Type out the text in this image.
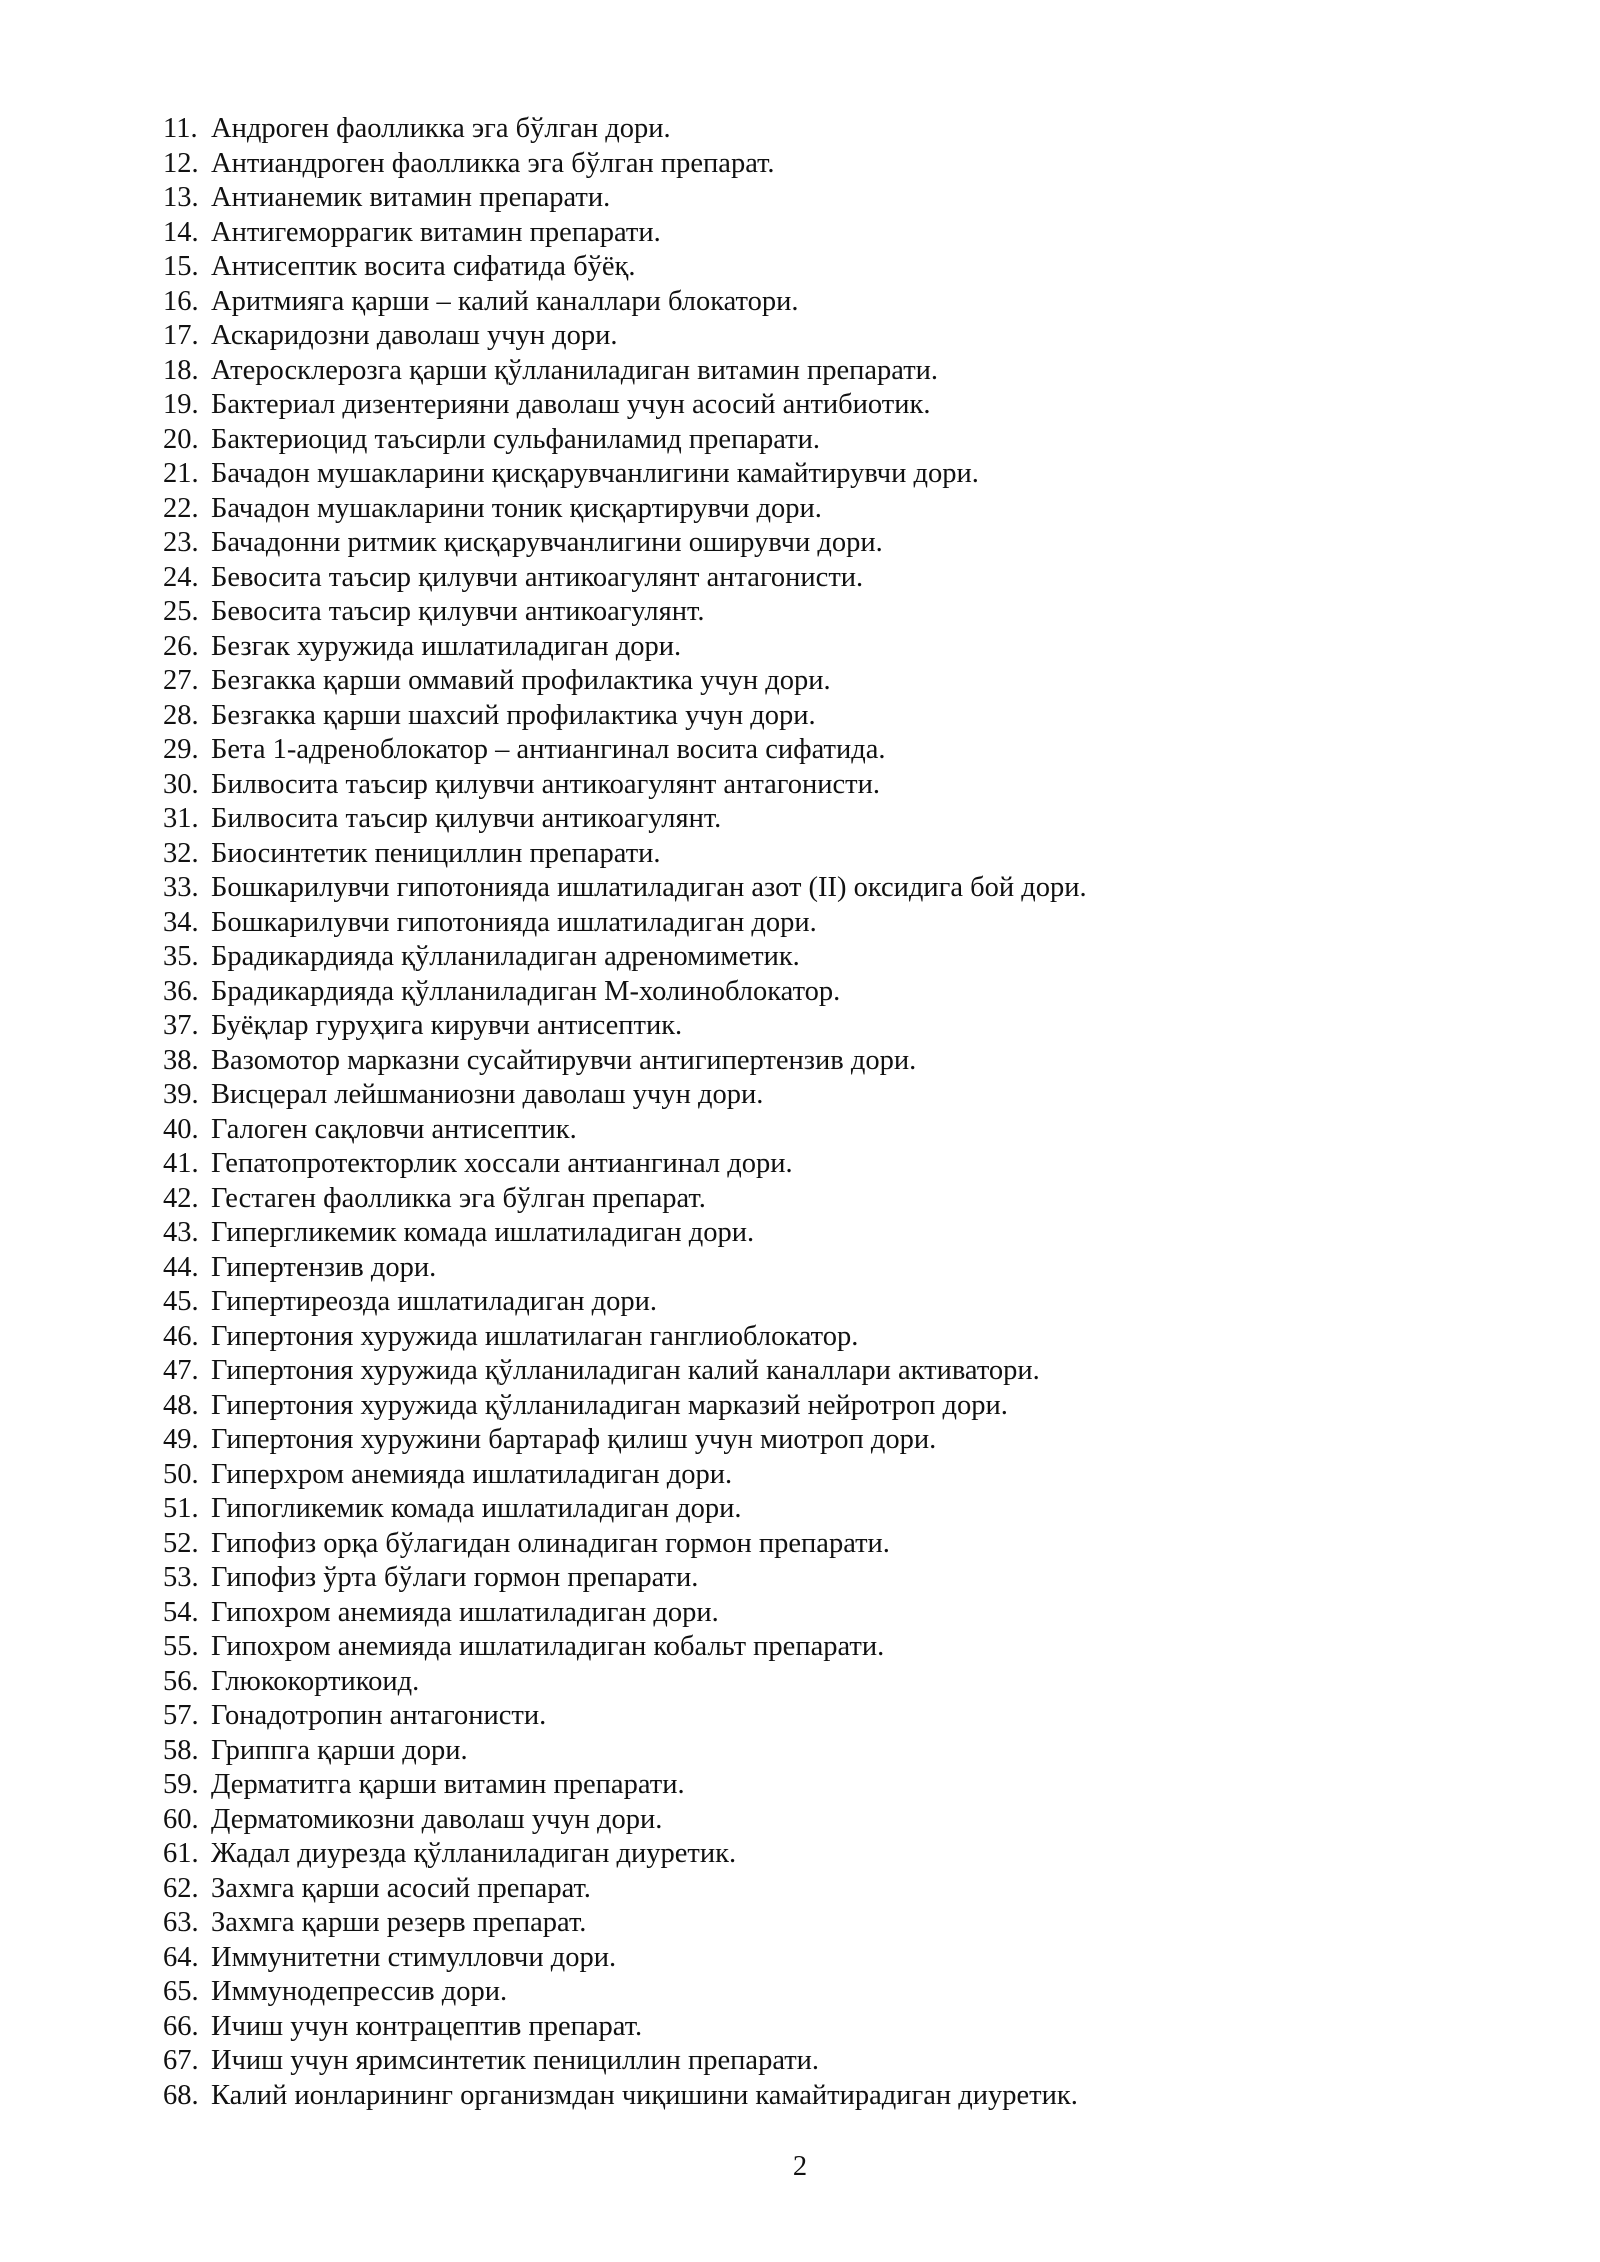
11. Андроген фаолликка эга бўлган дори.
12. Антиандроген фаолликка эга бўлган препарат.
13. Антианемик витамин препарати.
14. Антигеморрагик витамин препарати.
15. Антисептик восита сифатида бўёқ.
16. Аритмияга қарши – калий каналлари блокатори.
17. Аскаридозни даволаш учун дори.
18. Атеросклерозга қарши қўлланиладиган витамин препарати.
19. Бактериал дизентерияни даволаш учун асосий антибиотик.
20. Бактериоцид таъсирли сульфаниламид препарати.
21. Бачадон мушакларини қисқарувчанлигини камайтирувчи дори.
22. Бачадон мушакларини тоник қисқартирувчи дори.
23. Бачадонни ритмик қисқарувчанлигини оширувчи дори.
24. Бевосита таъсир қилувчи антикоагулянт антагонисти.
25. Бевосита таъсир қилувчи антикоагулянт.
26. Безгак хуружида ишлатиладиган дори.
27. Безгакка қарши оммавий профилактика учун дори.
28. Безгакка қарши шахсий профилактика учун дори.
29. Бета 1-адреноблокатор – антиангинал восита сифатида.
30. Билвосита таъсир қилувчи антикоагулянт антагонисти.
31. Билвосита таъсир қилувчи антикоагулянт.
32. Биосинтетик пенициллин препарати.
33. Бошкарилувчи гипотонияда ишлатиладиган азот (II) оксидига бой дори.
34. Бошкарилувчи гипотонияда ишлатиладиган дори.
35. Брадикардияда қўлланиладиган адреномиметик.
36. Брадикардияда қўлланиладиган М-холиноблокатор.
37. Буёқлар гуруҳига кирувчи антисептик.
38. Вазомотор марказни сусайтирувчи антигипертензив дори.
39. Висцерал лейшманиозни даволаш учун дори.
40. Галоген сақловчи антисептик.
41. Гепатопротекторлик хоссали антиангинал дори.
42. Гестаген фаолликка эга бўлган препарат.
43. Гипергликемик комада ишлатиладиган дори.
44. Гипертензив дори.
45. Гипертиреозда ишлатиладиган дори.
46. Гипертония хуружида ишлатилаган ганглиоблокатор.
47. Гипертония хуружида қўлланиладиган калий каналлари активатори.
48. Гипертония хуружида қўлланиладиган марказий нейротроп дори.
49. Гипертония хуружини бартараф қилиш учун миотроп дори.
50. Гиперхром анемияда ишлатиладиган дори.
51. Гипогликемик комада ишлатиладиган дори.
52. Гипофиз орқа бўлагидан олинадиган гормон препарати.
53. Гипофиз ўрта бўлаги гормон препарати.
54. Гипохром анемияда ишлатиладиган дори.
55. Гипохром анемияда ишлатиладиган кобальт препарати.
56. Глюкокортикоид.
57. Гонадотропин антагонисти.
58. Гриппга қарши дори.
59. Дерматитга қарши витамин препарати.
60. Дерматомикозни даволаш учун дори.
61. Жадал диурезда қўлланиладиган диуретик.
62. Захмга қарши асосий препарат.
63. Захмга қарши резерв препарат.
64. Иммунитетни стимулловчи дори.
65. Иммунодепрессив дори.
66. Ичиш учун контрацептив препарат.
67. Ичиш учун яримсинтетик пенициллин препарати.
68. Калий ионларининг организмдан чиқишини камайтирадиган диуретик.
2
